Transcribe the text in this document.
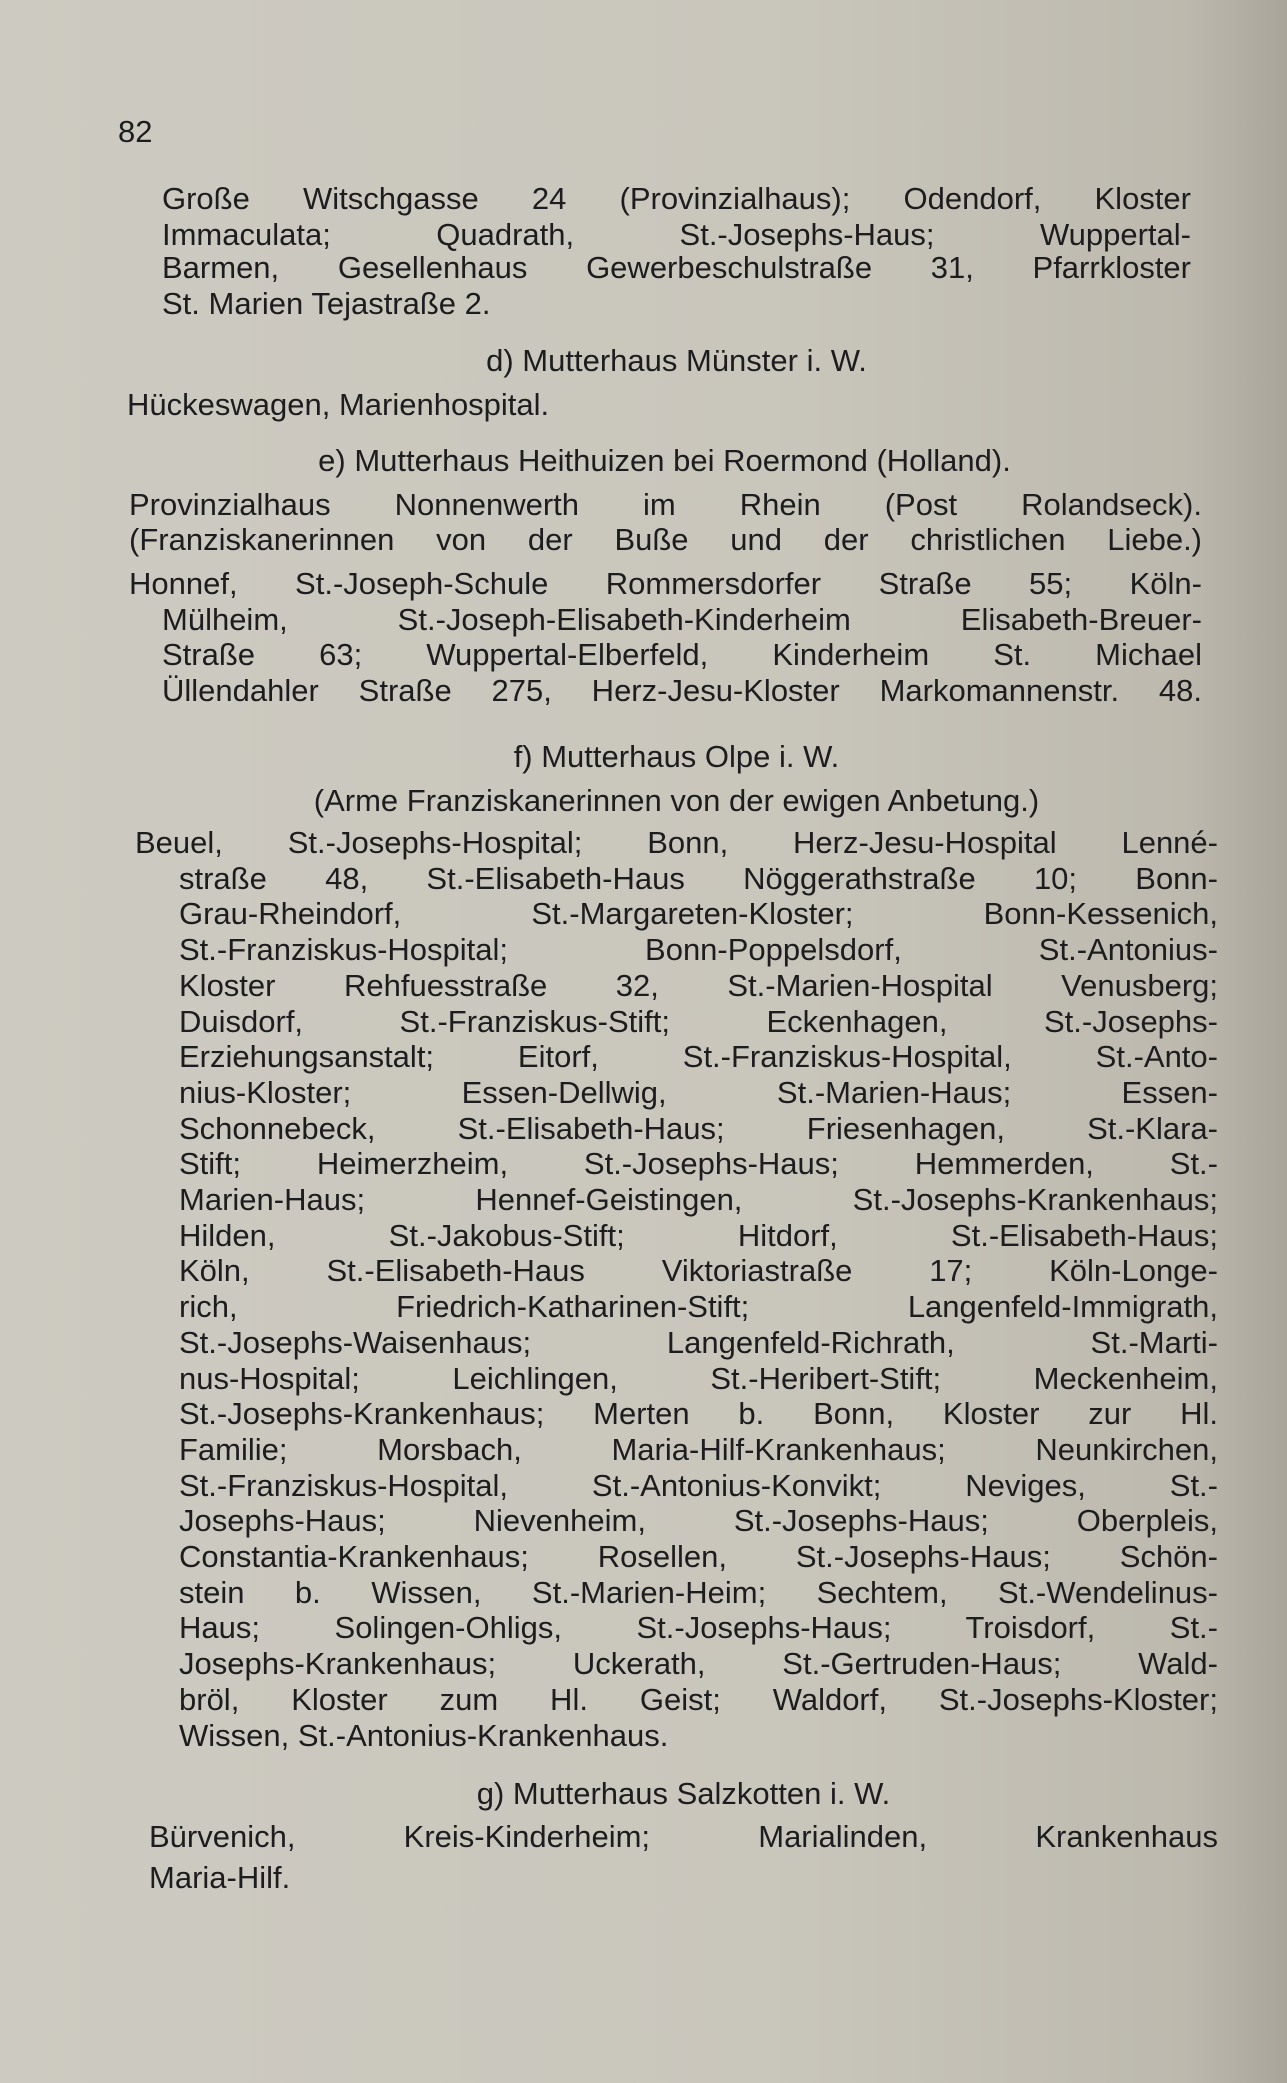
82
Große Witschgasse 24 (Provinzialhaus); Odendorf, Kloster
Immaculata; Quadrath, St.-Josephs-Haus; Wuppertal-
Barmen, Gesellenhaus Gewerbeschulstraße 31, Pfarrkloster
St. Marien Tejastraße 2.
d) Mutterhaus Münster i. W.
Hückeswagen, Marienhospital.
e) Mutterhaus Heithuizen bei Roermond (Holland).
Provinzialhaus Nonnenwerth im Rhein (Post Rolandseck).
(Franziskanerinnen von der Buße und der christlichen Liebe.)
Honnef, St.-Joseph-Schule Rommersdorfer Straße 55; Köln-
Mülheim, St.-Joseph-Elisabeth-Kinderheim Elisabeth-Breuer-
Straße 63; Wuppertal-Elberfeld, Kinderheim St. Michael
Üllendahler Straße 275, Herz-Jesu-Kloster Markomannenstr. 48.
f) Mutterhaus Olpe i. W.
(Arme Franziskanerinnen von der ewigen Anbetung.)
Beuel, St.-Josephs-Hospital; Bonn, Herz-Jesu-Hospital Lenné-
straße 48, St.-Elisabeth-Haus Nöggerathstraße 10; Bonn-
Grau-Rheindorf, St.-Margareten-Kloster; Bonn-Kessenich,
St.-Franziskus-Hospital; Bonn-Poppelsdorf, St.-Antonius-
Kloster Rehfuesstraße 32, St.-Marien-Hospital Venusberg;
Duisdorf, St.-Franziskus-Stift; Eckenhagen, St.-Josephs-
Erziehungsanstalt; Eitorf, St.-Franziskus-Hospital, St.-Anto-
nius-Kloster; Essen-Dellwig, St.-Marien-Haus; Essen-
Schonnebeck, St.-Elisabeth-Haus; Friesenhagen, St.-Klara-
Stift; Heimerzheim, St.-Josephs-Haus; Hemmerden, St.-
Marien-Haus; Hennef-Geistingen, St.-Josephs-Krankenhaus;
Hilden, St.-Jakobus-Stift; Hitdorf, St.-Elisabeth-Haus;
Köln, St.-Elisabeth-Haus Viktoriastraße 17; Köln-Longe-
rich, Friedrich-Katharinen-Stift; Langenfeld-Immigrath,
St.-Josephs-Waisenhaus; Langenfeld-Richrath, St.-Marti-
nus-Hospital; Leichlingen, St.-Heribert-Stift; Meckenheim,
St.-Josephs-Krankenhaus; Merten b. Bonn, Kloster zur Hl.
Familie; Morsbach, Maria-Hilf-Krankenhaus; Neunkirchen,
St.-Franziskus-Hospital, St.-Antonius-Konvikt; Neviges, St.-
Josephs-Haus; Nievenheim, St.-Josephs-Haus; Oberpleis,
Constantia-Krankenhaus; Rosellen, St.-Josephs-Haus; Schön-
stein b. Wissen, St.-Marien-Heim; Sechtem, St.-Wendelinus-
Haus; Solingen-Ohligs, St.-Josephs-Haus; Troisdorf, St.-
Josephs-Krankenhaus; Uckerath, St.-Gertruden-Haus; Wald-
bröl, Kloster zum Hl. Geist; Waldorf, St.-Josephs-Kloster;
Wissen, St.-Antonius-Krankenhaus.
g) Mutterhaus Salzkotten i. W.
Bürvenich, Kreis-Kinderheim; Marialinden, Krankenhaus
Maria-Hilf.
